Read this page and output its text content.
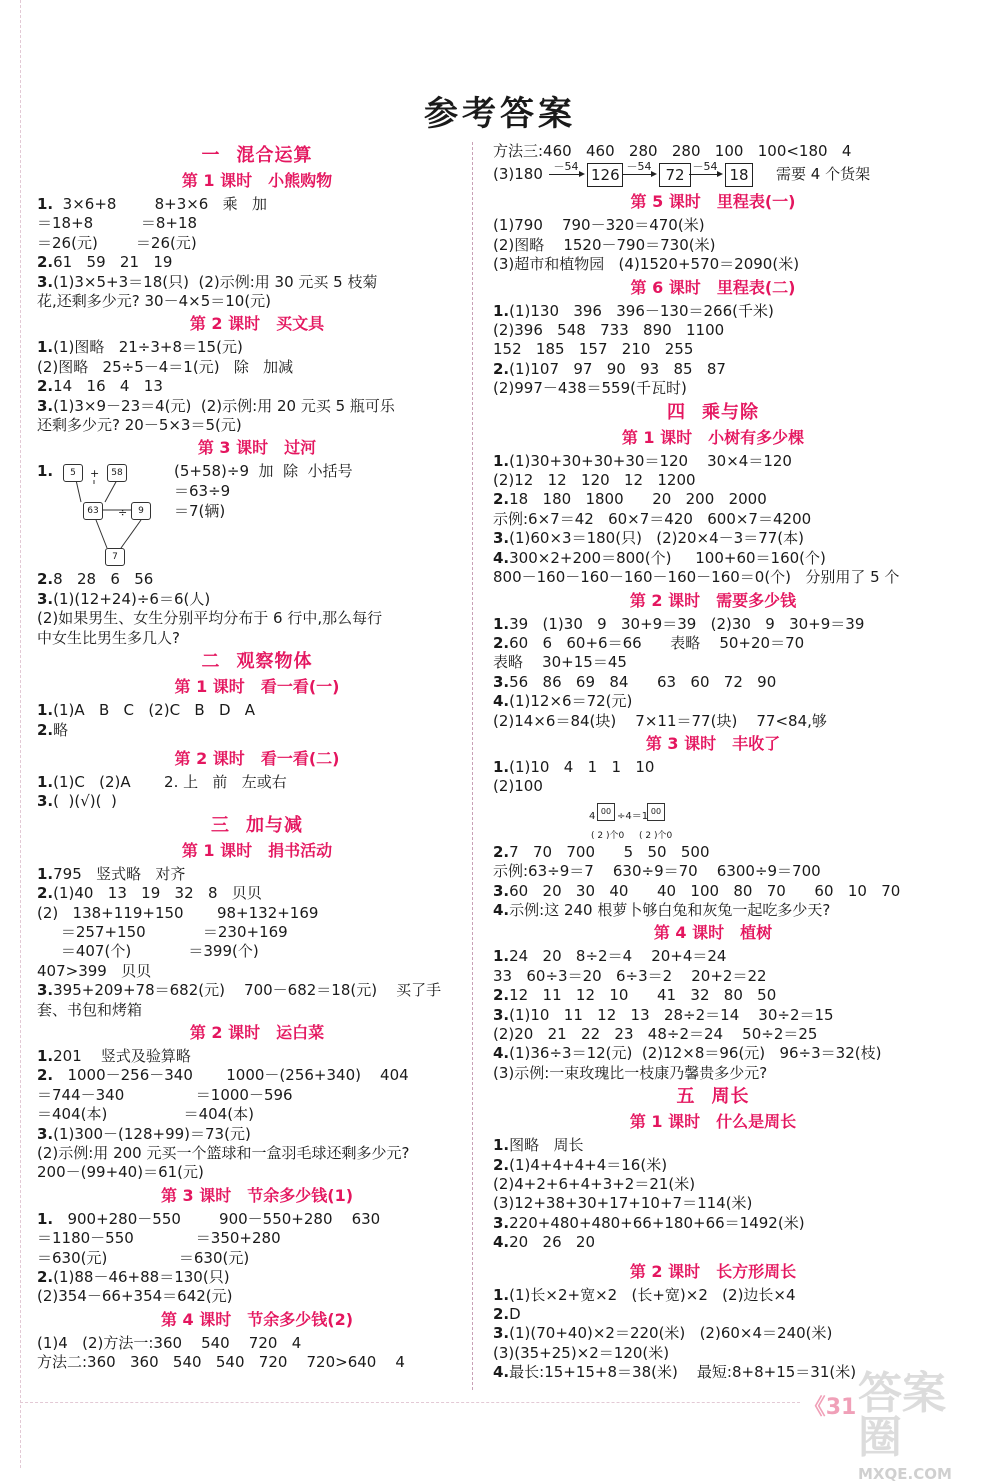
参考答案
一 混合运算
第 1 课时 小熊购物
1.  3×6+8        8+3×6   乘   加
＝18+8          ＝8+18
＝26(元)        ＝26(元)
2.61   59   21   19
3.(1)3×5+3＝18(只)  (2)示例:用 30 元买 5 枝菊
花,还剩多少元? 30－4×5＝10(元)
第 2 课时 买文具
1.(1)图略   21÷3+8＝15(元)
(2)图略   25÷5－4＝1(元)   除   加减
2.14   16   4   13
3.(1)3×9－23＝4(元)  (2)示例:用 20 元买 5 瓶可乐
还剩多少元? 20－5×3＝5(元)
第 3 课时 过河
1.	5	58
+
63	÷	9
7
(5+58)÷9  加  除  小括号
＝63÷9
＝7(辆)
2.8   28   6   56
3.(1)(12+24)÷6＝6(人)
(2)如果男生、女生分别平均分布于 6 行中,那么每行
中女生比男生多几人?
二 观察物体
第 1 课时 看一看(一)
1.(1)A   B   C   (2)C   B   D   A
2.略
第 2 课时 看一看(二)
1.(1)C   (2)A       2. 上   前   左或右
3.(  )(√)(  )
三 加与减
第 1 课时 捐书活动
1.795   竖式略   对齐
2.(1)40   13   19   32   8   贝贝
(2)   138+119+150       98+132+169
＝257+150            ＝230+169
＝407(个)            ＝399(个)
407>399   贝贝
3.395+209+78＝682(元)    700－682＝18(元)    买了手
套、书包和烤箱
第 2 课时 运白菜
1.201    竖式及验算略
2.   1000－256－340       1000－(256+340)    404
＝744－340               ＝1000－596
＝404(本)                ＝404(本)
3.(1)300－(128+99)＝73(元)
(2)示例:用 200 元买一个篮球和一盒羽毛球还剩多少元?
200－(99+40)＝61(元)
第 3 课时 节余多少钱(1)
1.   900+280－550        900－550+280    630
＝1180－550             ＝350+280
＝630(元)               ＝630(元)
2.(1)88－46+88＝130(只)
(2)354－66+354＝642(元)
第 4 课时 节余多少钱(2)
(1)4   (2)方法一:360    540    720   4
方法二:360   360   540   540   720    720>640    4
方法三:460   460   280   280   100   100<180   4
(3)180 －54 126 －54 72 －54 18 需要 4 个货架
第 5 课时 里程表(一)
(1)790    790－320＝470(米)
(2)图略    1520－790＝730(米)
(3)超市和植物园   (4)1520+570＝2090(米)
第 6 课时 里程表(二)
1.(1)130   396   396－130＝266(千米)
(2)396   548   733   890   1100
152   185   157   210   255
2.(1)107   97   90   93   85   87
(2)997－438＝559(千瓦时)
四 乘与除
第 1 课时 小树有多少棵
1.(1)30+30+30+30＝120    30×4＝120
(2)12   12   120   12   1200
2.18   180   1800      20   200   2000
示例:6×7＝42   60×7＝420   600×7＝4200
3.(1)60×3＝180(只)   (2)20×4－3＝77(本)
4.300×2+200＝800(个)     100+60＝160(个)
800－160－160－160－160－160＝0(个)   分别用了 5 个
第 2 课时 需要多少钱
1.39   (1)30   9   30+9＝39   (2)30   9   30+9＝39
2.60   6   60+6＝66      表略    50+20＝70
表略    30+15＝45
3.56   86   69   84      63   60   72   90
4.(1)12×6＝72(元)
(2)14×6＝84(块)    7×11＝77(块)    77<84,够
第 3 课时 丰收了
1.(1)10   4   1   1   10
(2)100
4 00 ÷4＝1 00
( 2 )个0 ( 2 )个0
2.7   70   700      5   50   500
示例:63÷9＝7    630÷9＝70    6300÷9＝700
3.60   20   30   40      40   100   80   70      60   10   70
4.示例:这 240 根萝卜够白兔和灰兔一起吃多少天?
第 4 课时 植树
1.24   20   8÷2＝4    20+4＝24
33   60÷3＝20   6÷3＝2    20+2＝22
2.12   11   12   10      41   32   80   50
3.(1)10   11   12   13   28÷2＝14    30÷2＝15
(2)20   21   22   23   48÷2＝24    50÷2＝25
4.(1)36÷3＝12(元)  (2)12×8＝96(元)   96÷3＝32(枝)
(3)示例:一束玫瑰比一枝康乃馨贵多少元?
五 周长
第 1 课时 什么是周长
1.图略   周长
2.(1)4+4+4+4＝16(米)
(2)4+2+6+4+3+2＝21(米)
(3)12+38+30+17+10+7＝114(米)
3.220+480+480+66+180+66＝1492(米)
4.20   26   20
第 2 课时 长方形周长
1.(1)长×2+宽×2   (长+宽)×2   (2)边长×4
2.D
3.(1)(70+40)×2＝220(米)   (2)60×4＝240(米)
(3)(35+25)×2＝120(米)
4.最长:15+15+8＝38(米)    最短:8+8+15＝31(米)
《31 答案圈
MXQE.COM
